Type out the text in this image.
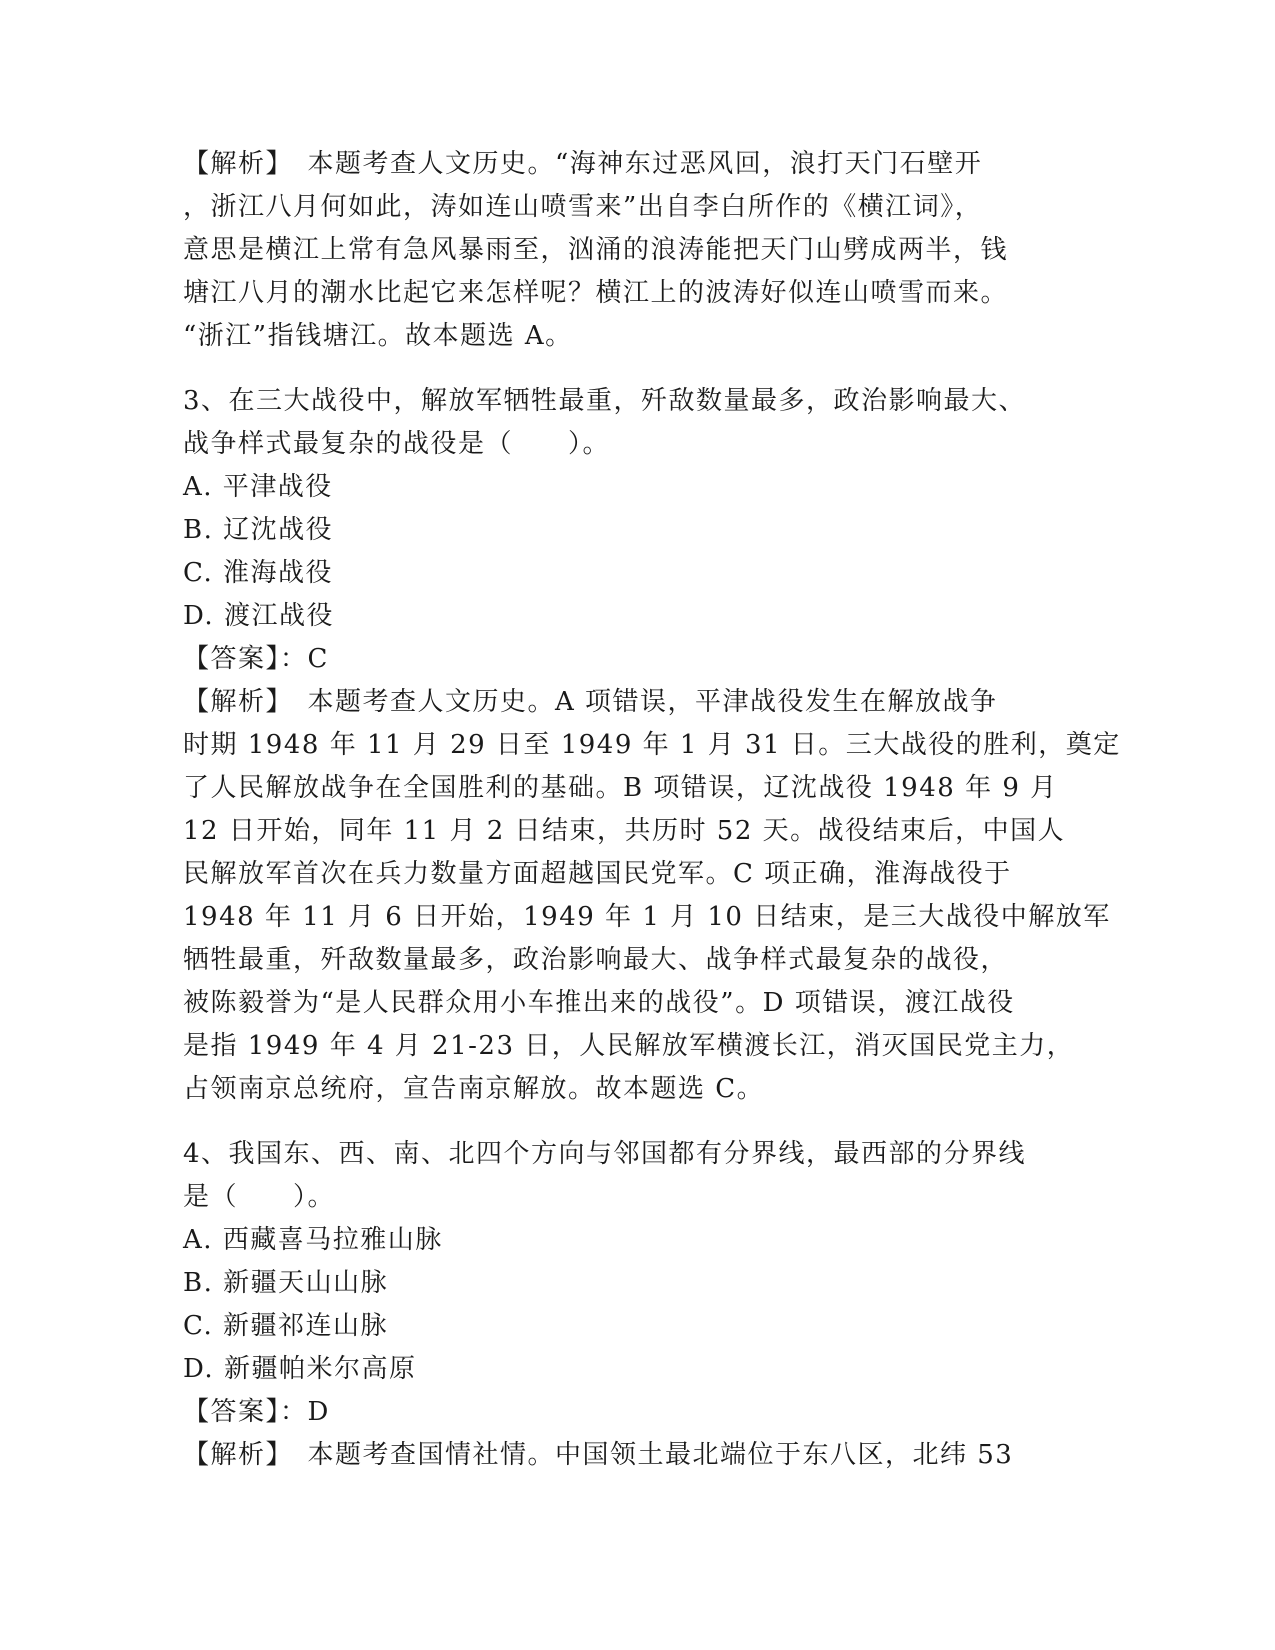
【解析】　本题考查人文历史。“海神东过恶风回，浪打天门石壁开
，浙江八月何如此，涛如连山喷雪来”出自李白所作的《横江词》，
意思是横江上常有急风暴雨至，汹涌的浪涛能把天门山劈成两半，钱
塘江八月的潮水比起它来怎样呢？横江上的波涛好似连山喷雪而来。
“浙江”指钱塘江。故本题选 A。
3、在三大战役中，解放军牺牲最重，歼敌数量最多，政治影响最大、
战争样式最复杂的战役是（　　）。
A. 平津战役
B. 辽沈战役
C. 淮海战役
D. 渡江战役
【答案】：C
【解析】　本题考查人文历史。A 项错误，平津战役发生在解放战争
时期 1948 年 11 月 29 日至 1949 年 1 月 31 日。三大战役的胜利，奠定
了人民解放战争在全国胜利的基础。B 项错误，辽沈战役 1948 年 9 月
12 日开始，同年 11 月 2 日结束，共历时 52 天。战役结束后，中国人
民解放军首次在兵力数量方面超越国民党军。C 项正确，淮海战役于
1948 年 11 月 6 日开始，1949 年 1 月 10 日结束，是三大战役中解放军
牺牲最重，歼敌数量最多，政治影响最大、战争样式最复杂的战役，
被陈毅誉为“是人民群众用小车推出来的战役”。D 项错误，渡江战役
是指 1949 年 4 月 21-23 日，人民解放军横渡长江，消灭国民党主力，
占领南京总统府，宣告南京解放。故本题选 C。
4、我国东、西、南、北四个方向与邻国都有分界线，最西部的分界线
是（　　）。
A. 西藏喜马拉雅山脉
B. 新疆天山山脉
C. 新疆祁连山脉
D. 新疆帕米尔高原
【答案】：D
【解析】　本题考查国情社情。中国领土最北端位于东八区，北纬 53
